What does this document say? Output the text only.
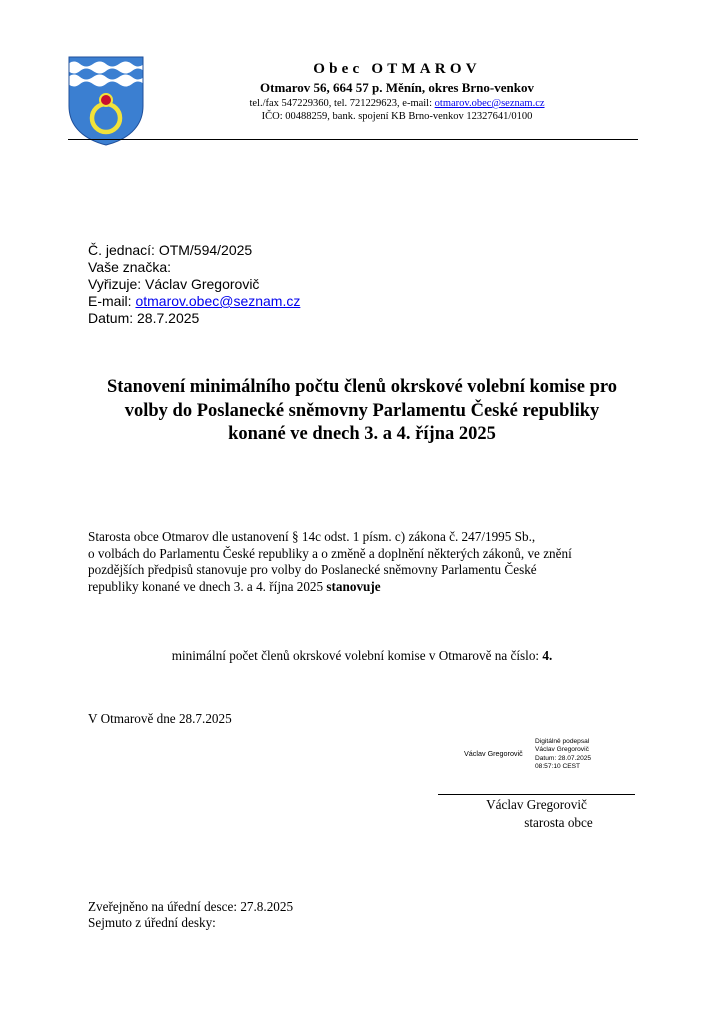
Obec OTMAROV
Otmarov 56, 664 57 p. Měnín, okres Brno-venkov
tel./fax 547229360, tel. 721229623, e-mail: otmarov.obec@seznam.cz
IČO: 00488259, bank. spojení KB Brno-venkov 12327641/0100
Č. jednací: OTM/594/2025
Vaše značka:
Vyřizuje: Václav Gregorovič
E-mail: otmarov.obec@seznam.cz
Datum: 28.7.2025
Stanovení minimálního počtu členů okrskové volební komise pro
volby do Poslanecké sněmovny Parlamentu České republiky
konané ve dnech 3. a 4. října 2025
Starosta obce Otmarov dle ustanovení § 14c odst. 1 písm. c) zákona č. 247/1995 Sb.,
o volbách do Parlamentu České republiky a o změně a doplnění některých zákonů, ve znění
pozdějších předpisů stanovuje pro volby do Poslanecké sněmovny Parlamentu České
republiky konané ve dnech 3. a 4. října 2025 stanovuje
minimální počet členů okrskové volební komise v Otmarově na číslo: 4.
V Otmarově dne 28.7.2025
Václav Gregorovič
Digitálně podepsal
Václav Gregorovič
Datum: 28.07.2025
08:57:10 CEST
Václav Gregorovič
starosta obce
Zveřejněno na úřední desce: 27.8.2025
Sejmuto z úřední desky:
